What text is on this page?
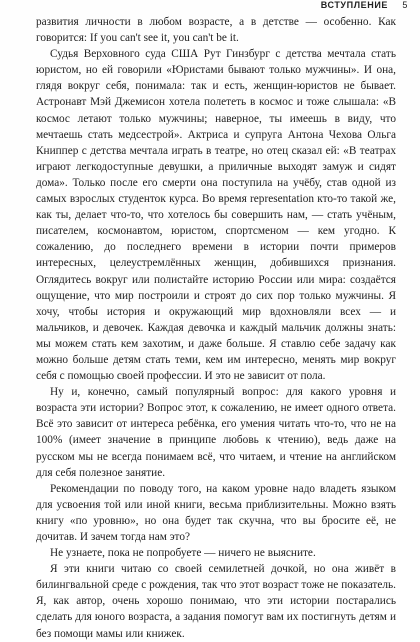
ВСТУПЛЕНИЕ 5

развития личности в любом возрасте, а в детстве — особенно. Как говорится: If you can't see it, you can't be it.

Судья Верховного суда США Рут Гинзбург с детства мечтала стать юристом, но ей говорили «Юристами бывают только мужчины». И она, глядя вокруг себя, понимала: так и есть, женщин-юристов не бывает. Астронавт Мэй Джемисон хотела полететь в космос и тоже слышала: «В космос летают только мужчины; наверное, ты имеешь в виду, что мечтаешь стать медсестрой». Актриса и супруга Антона Чехова Ольга Книппер с детства мечтала играть в театре, но отец сказал ей: «В театрах играют легкодоступные девушки, а приличные выходят замуж и сидят дома». Только после его смерти она поступила на учёбу, став одной из самых взрослых студенток курса. Во время representation кто-то такой же, как ты, делает что-то, что хотелось бы совершить нам, — стать учёным, писателем, космонавтом, юристом, спортсменом — кем угодно. К сожалению, до последнего времени в истории почти примеров интересных, целеустремлённых женщин, добившихся признания. Оглядитесь вокруг или полистайте историю России или мира: создаётся ощущение, что мир построили и строят до сих пор только мужчины. Я хочу, чтобы история и окружающий мир вдохновляли всех — и мальчиков, и девочек. Каждая девочка и каждый мальчик должны знать: мы можем стать кем захотим, и даже больше. Я ставлю себе задачу как можно больше детям стать теми, кем им интересно, менять мир вокруг себя с помощью своей профессии. И это не зависит от пола.

Ну и, конечно, самый популярный вопрос: для какого уровня и возраста эти истории? Вопрос этот, к сожалению, не имеет одного ответа. Всё это зависит от интереса ребёнка, его умения читать что-то, что не на 100% (имеет значение в принципе любовь к чтению), ведь даже на русском мы не всегда понимаем всё, что читаем, и чтение на английском для себя полезное занятие.

Рекомендации по поводу того, на каком уровне надо владеть языком для усвоения той или иной книги, весьма приблизительны. Можно взять книгу «по уровню», но она будет так скучна, что вы бросите её, не дочитав. И зачем тогда нам это?

Не узнаете, пока не попробуете — ничего не выясните.

Я эти книги читаю со своей семилетней дочкой, но она живёт в билингвальной среде с рождения, так что этот возраст тоже не показатель. Я, как автор, очень хорошо понимаю, что эти истории постарались сделать для юного возраста, а задания помогут вам их постигнуть детям и без помощи мамы или книжек.
